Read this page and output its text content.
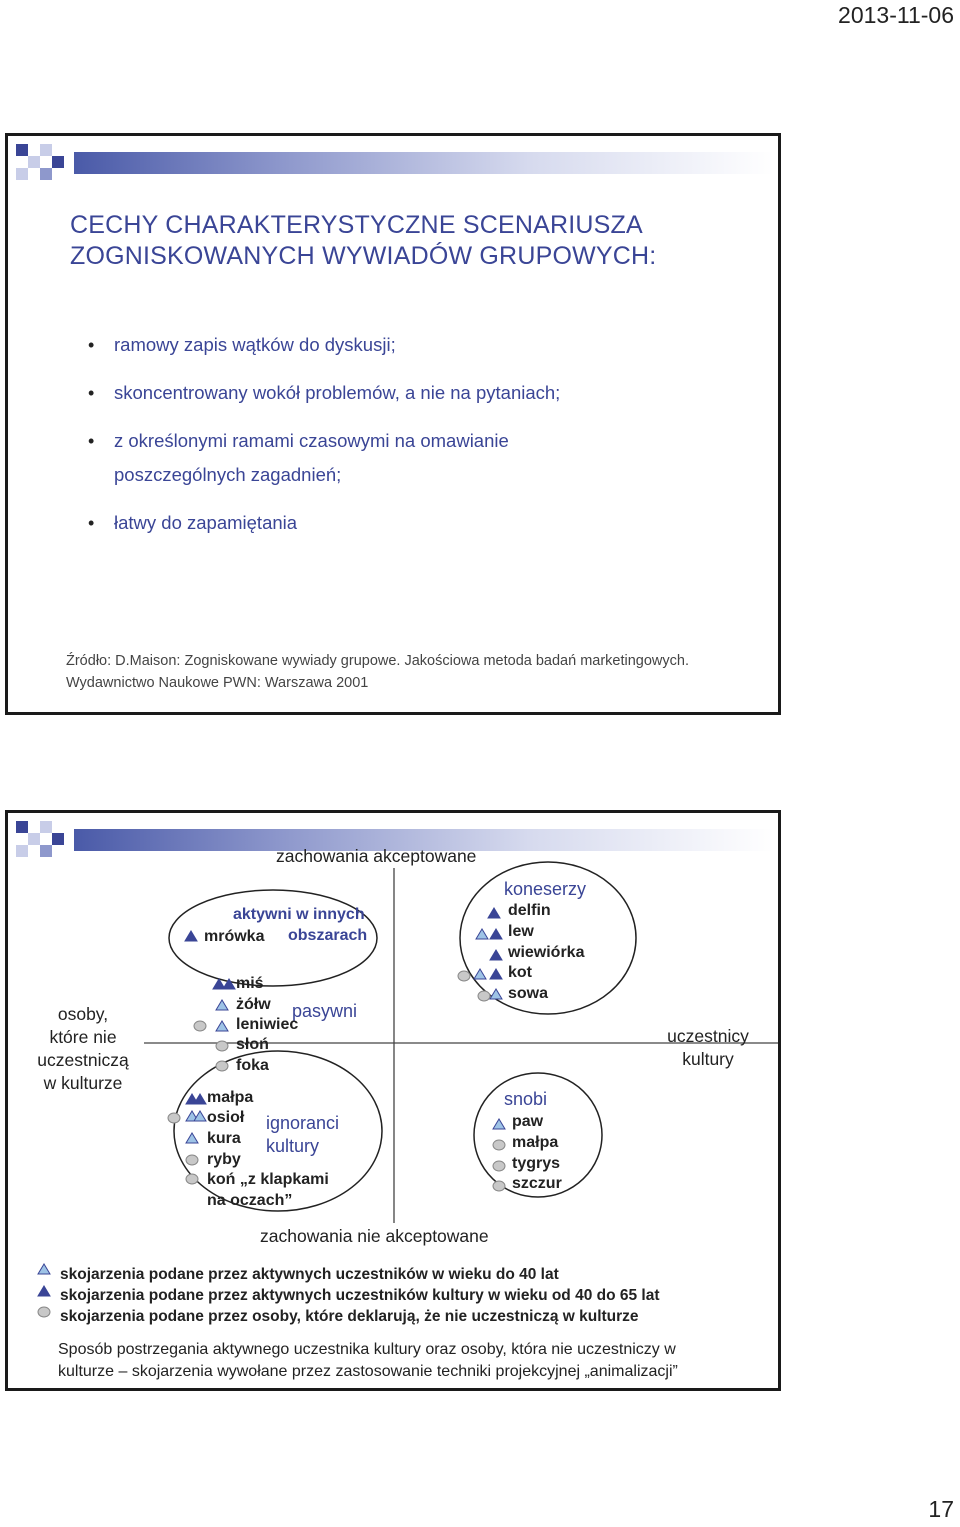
2013-11-06
CECHY CHARAKTERYSTYCZNE SCENARIUSZA
ZOGNISKOWANYCH WYWIADÓW GRUPOWYCH:
• ramowy zapis wątków do dyskusji;
• skoncentrowany wokół problemów, a nie na pytaniach;
• z określonymi ramami czasowymi na omawianie
poszczególnych zagadnień;
• łatwy do zapamiętania
Źródło: D.Maison: Zogniskowane wywiady grupowe. Jakościowa metoda badań marketingowych.
Wydawnictwo Naukowe PWN: Warszawa 2001
zachowania akceptowane
zachowania nie akceptowane
osoby,
które nie
uczestniczą
w kulturze
uczestnicy
kultury
aktywni w innych
obszarach
pasywni
ignoranci
kultury
koneserzy
snobi
mrówka
miś
żółw
leniwiec
słoń
foka
małpa
osioł
kura
ryby
koń „z klapkami
na oczach”
delfin
lew
wiewiórka
kot
sowa
paw
małpa
tygrys
szczur
skojarzenia podane przez aktywnych uczestników w wieku do 40 lat
skojarzenia podane przez aktywnych uczestników kultury w wieku od 40 do 65 lat
skojarzenia podane przez osoby, które deklarują, że nie uczestniczą w kulturze
Sposób postrzegania aktywnego uczestnika kultury oraz osoby, która nie uczestniczy w
kulturze – skojarzenia wywołane przez zastosowanie techniki projekcyjnej „animalizacji”
17
